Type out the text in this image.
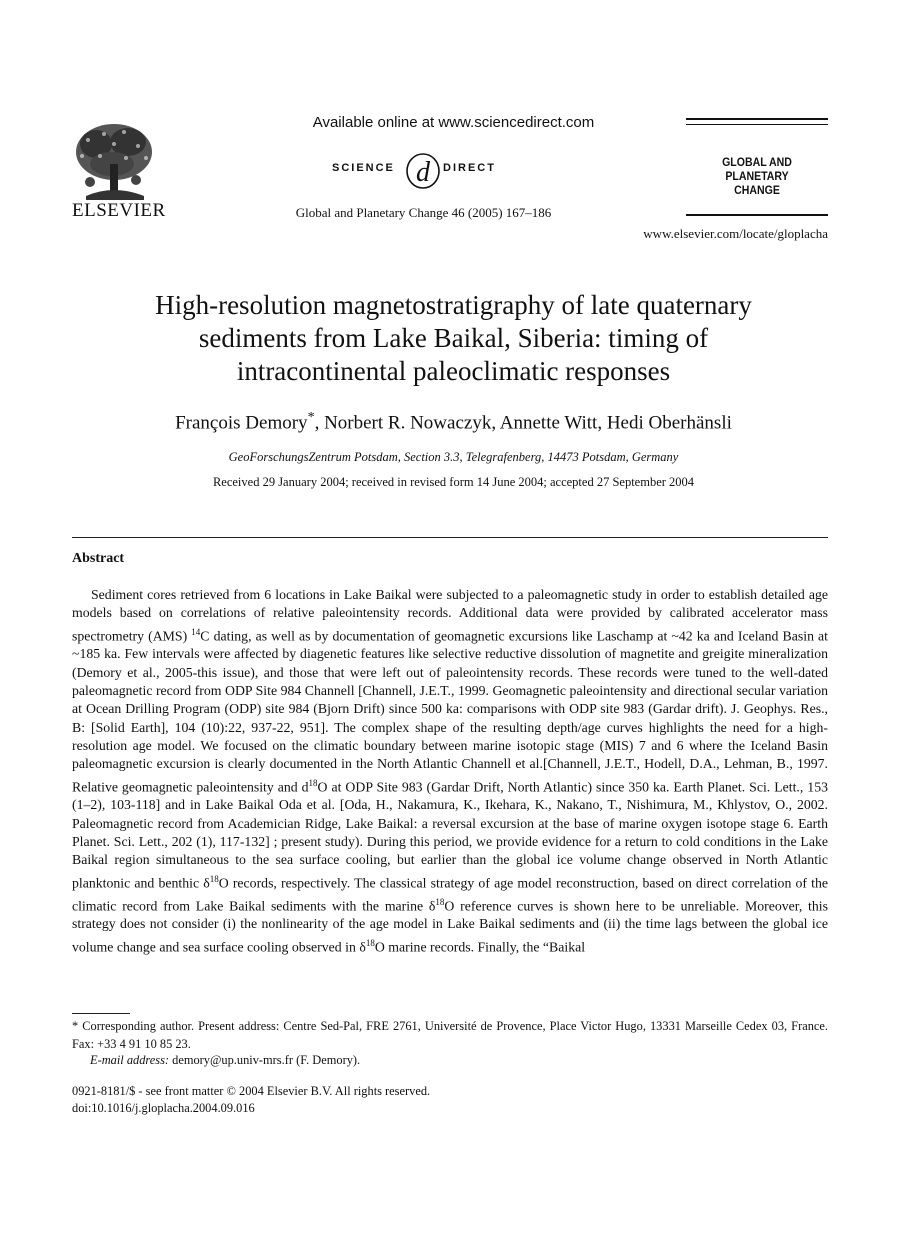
ELSEVIER
Available online at www.sciencedirect.com
SCIENCE d DIRECT
Global and Planetary Change 46 (2005) 167–186
GLOBAL AND PLANETARY
CHANGE
www.elsevier.com/locate/gloplacha
High-resolution magnetostratigraphy of late quaternary
sediments from Lake Baikal, Siberia: timing of
intracontinental paleoclimatic responses
François Demory*, Norbert R. Nowaczyk, Annette Witt, Hedi Oberhänsli
GeoForschungsZentrum Potsdam, Section 3.3, Telegrafenberg, 14473 Potsdam, Germany
Received 29 January 2004; received in revised form 14 June 2004; accepted 27 September 2004
Abstract
Sediment cores retrieved from 6 locations in Lake Baikal were subjected to a paleomagnetic study in order to establish detailed age models based on correlations of relative paleointensity records. Additional data were provided by calibrated accelerator mass spectrometry (AMS) $^{14}$C dating, as well as by documentation of geomagnetic excursions like Laschamp at ~42 ka and Iceland Basin at ~185 ka. Few intervals were affected by diagenetic features like selective reductive dissolution of magnetite and greigite mineralization (Demory et al., 2005-this issue), and those that were left out of paleointensity records. These records were tuned to the well-dated paleomagnetic record from ODP Site 984 Channell [Channell, J.E.T., 1999. Geomagnetic paleointensity and directional secular variation at Ocean Drilling Program (ODP) site 984 (Bjorn Drift) since 500 ka: comparisons with ODP site 983 (Gardar drift). J. Geophys. Res., B: [Solid Earth], 104 (10):22, 937-22, 951]. The complex shape of the resulting depth/age curves highlights the need for a high-resolution age model. We focused on the climatic boundary between marine isotopic stage (MIS) 7 and 6 where the Iceland Basin paleomagnetic excursion is clearly documented in the North Atlantic Channell et al.[Channell, J.E.T., Hodell, D.A., Lehman, B., 1997. Relative geomagnetic paleointensity and $d^{18}O$ at ODP Site 983 (Gardar Drift, North Atlantic) since 350 ka. Earth Planet. Sci. Lett., 153 (1–2), 103-118] and in Lake Baikal Oda et al. [Oda, H., Nakamura, K., Ikehara, K., Nakano, T., Nishimura, M., Khlystov, O., 2002. Paleomagnetic record from Academician Ridge, Lake Baikal: a reversal excursion at the base of marine oxygen isotope stage 6. Earth Planet. Sci. Lett., 202 (1), 117-132] ; present study). During this period, we provide evidence for a return to cold conditions in the Lake Baikal region simultaneous to the sea surface cooling, but earlier than the global ice volume change observed in North Atlantic planktonic and benthic $\delta^{18}O$ records, respectively. The classical strategy of age model reconstruction, based on direct correlation of the climatic record from Lake Baikal sediments with the marine $\delta^{18}O$ reference curves is shown here to be unreliable. Moreover, this strategy does not consider (i) the nonlinearity of the age model in Lake Baikal sediments and (ii) the time lags between the global ice volume change and sea surface cooling observed in $\delta^{18}O$ marine records. Finally, the “Baikal
* Corresponding author. Present address: Centre Sed-Pal, FRE 2761, Université de Provence, Place Victor Hugo, 13331 Marseille Cedex 03, France. Fax: +33 4 91 10 85 23.
E-mail address: demory@up.univ-mrs.fr (F. Demory).
0921-8181/$ - see front matter © 2004 Elsevier B.V. All rights reserved.
doi:10.1016/j.gloplacha.2004.09.016
